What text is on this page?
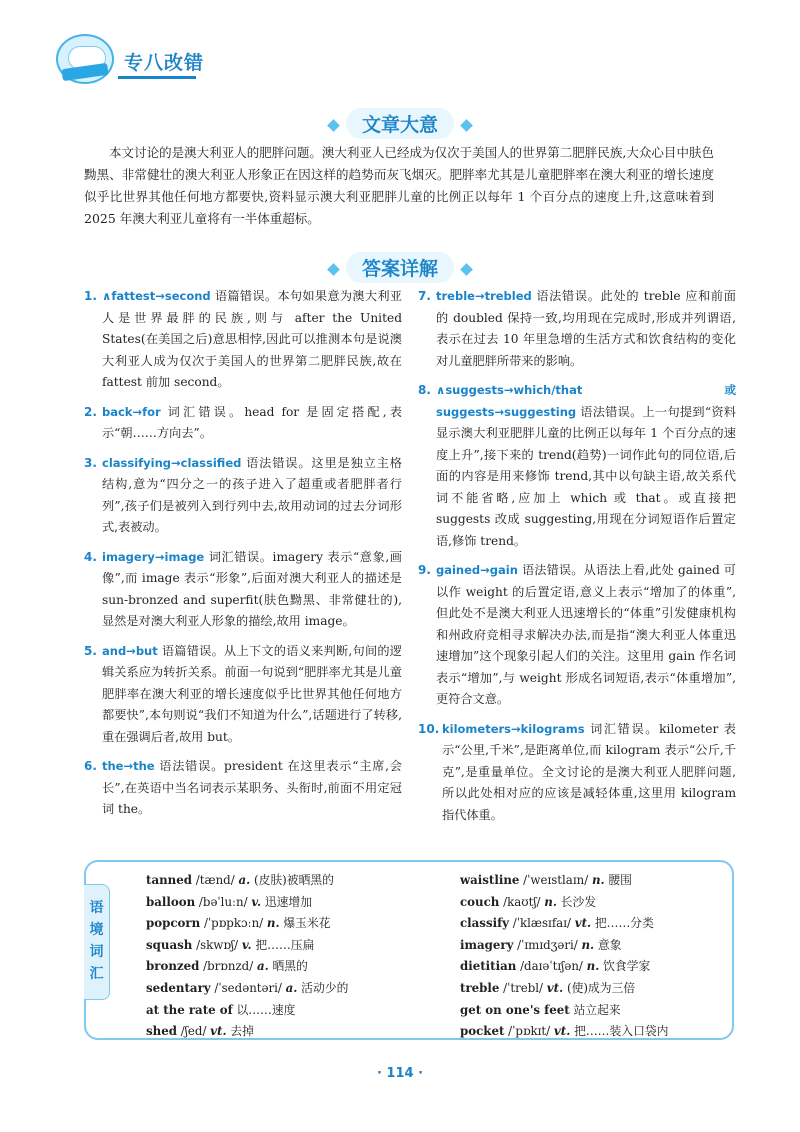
专八改错
文章大意

本文讨论的是澳大利亚人的肥胖问题。澳大利亚人已经成为仅次于美国人的世界第二肥胖民族,大众心目中肤色黝黑、非常健壮的澳大利亚人形象正在因这样的趋势而灰飞烟灭。肥胖率尤其是儿童肥胖率在澳大利亚的增长速度似乎比世界其他任何地方都要快,资料显示澳大利亚肥胖儿童的比例正以每年 1 个百分点的速度上升,这意味着到 2025 年澳大利亚儿童将有一半体重超标。

答案详解
1. ∧fattest→second 语篇错误。本句如果意为澳大利亚人是世界最胖的民族,则与 after the United States(在美国之后)意思相悖,因此可以推测本句是说澳大利亚人成为仅次于美国人的世界第二肥胖民族,故在 fattest 前加 second。
2. back→for 词汇错误。head for 是固定搭配,表示“朝……方向去”。
3. classifying→classified 语法错误。这里是独立主格结构,意为“四分之一的孩子进入了超重或者肥胖者行列”,孩子们是被列入到行列中去,故用动词的过去分词形式,表被动。
4. imagery→image 词汇错误。imagery 表示“意象,画像”,而 image 表示“形象”,后面对澳大利亚人的描述是 sun-bronzed and superfit(肤色黝黑、非常健壮的),显然是对澳大利亚人形象的描绘,故用 image。
5. and→but 语篇错误。从上下文的语义来判断,句间的逻辑关系应为转折关系。前面一句说到“肥胖率尤其是儿童肥胖率在澳大利亚的增长速度似乎比世界其他任何地方都要快”,本句则说“我们不知道为什么”,话题进行了转移,重在强调后者,故用 but。
6. the→the 语法错误。president 在这里表示“主席,会长”,在英语中当名词表示某职务、头衔时,前面不用定冠词 the。
7. treble→trebled 语法错误。此处的 treble 应和前面的 doubled 保持一致,均用现在完成时,形成并列谓语,表示在过去 10 年里急增的生活方式和饮食结构的变化对儿童肥胖所带来的影响。
8. ∧suggests→which/that 或 suggests→suggesting 语法错误。上一句提到“资料显示澳大利亚肥胖儿童的比例正以每年 1 个百分点的速度上升”,接下来的 trend(趋势)一词作此句的同位语,后面的内容是用来修饰 trend,其中以句缺主语,故关系代词不能省略,应加上 which 或 that。或直接把 suggests 改成 suggesting,用现在分词短语作后置定语,修饰 trend。
9. gained→gain 语法错误。从语法上看,此处 gained 可以作 weight 的后置定语,意义上表示“增加了的体重”,但此处不是澳大利亚人迅速增长的“体重”引发健康机构和州政府竞相寻求解决办法,而是指“澳大利亚人体重迅速增加”这个现象引起人们的关注。这里用 gain 作名词表示“增加”,与 weight 形成名词短语,表示“体重增加”,更符合文意。
10. kilometers→kilograms 词汇错误。kilometer 表示“公里,千米”,是距离单位,而 kilogram 表示“公斤,千克”,是重量单位。全文讨论的是澳大利亚人肥胖问题,所以此处相对应的应该是减轻体重,这里用 kilogram 指代体重。
语境词汇
tanned /tænd/ a. (皮肤)被晒黑的
balloon /bəˈluːn/ v. 迅速增加
popcorn /ˈpɒpkɔːn/ n. 爆玉米花
squash /skwɒʃ/ v. 把……压扁
bronzed /brɒnzd/ a. 晒黑的
sedentary /ˈsedəntəri/ a. 活动少的
at the rate of 以……速度
shed /ʃed/ vt. 去掉
waistline /ˈweɪstlaɪn/ n. 腰围
couch /kaʊtʃ/ n. 长沙发
classify /ˈklæsɪfaɪ/ vt. 把……分类
imagery /ˈɪmɪdʒəri/ n. 意象
dietitian /daɪəˈtɪʃən/ n. 饮食学家
treble /ˈtrebl/ vt. (使)成为三倍
get on one's feet 站立起来
pocket /ˈpɒkɪt/ vt. 把……装入口袋内
· 114 ·
